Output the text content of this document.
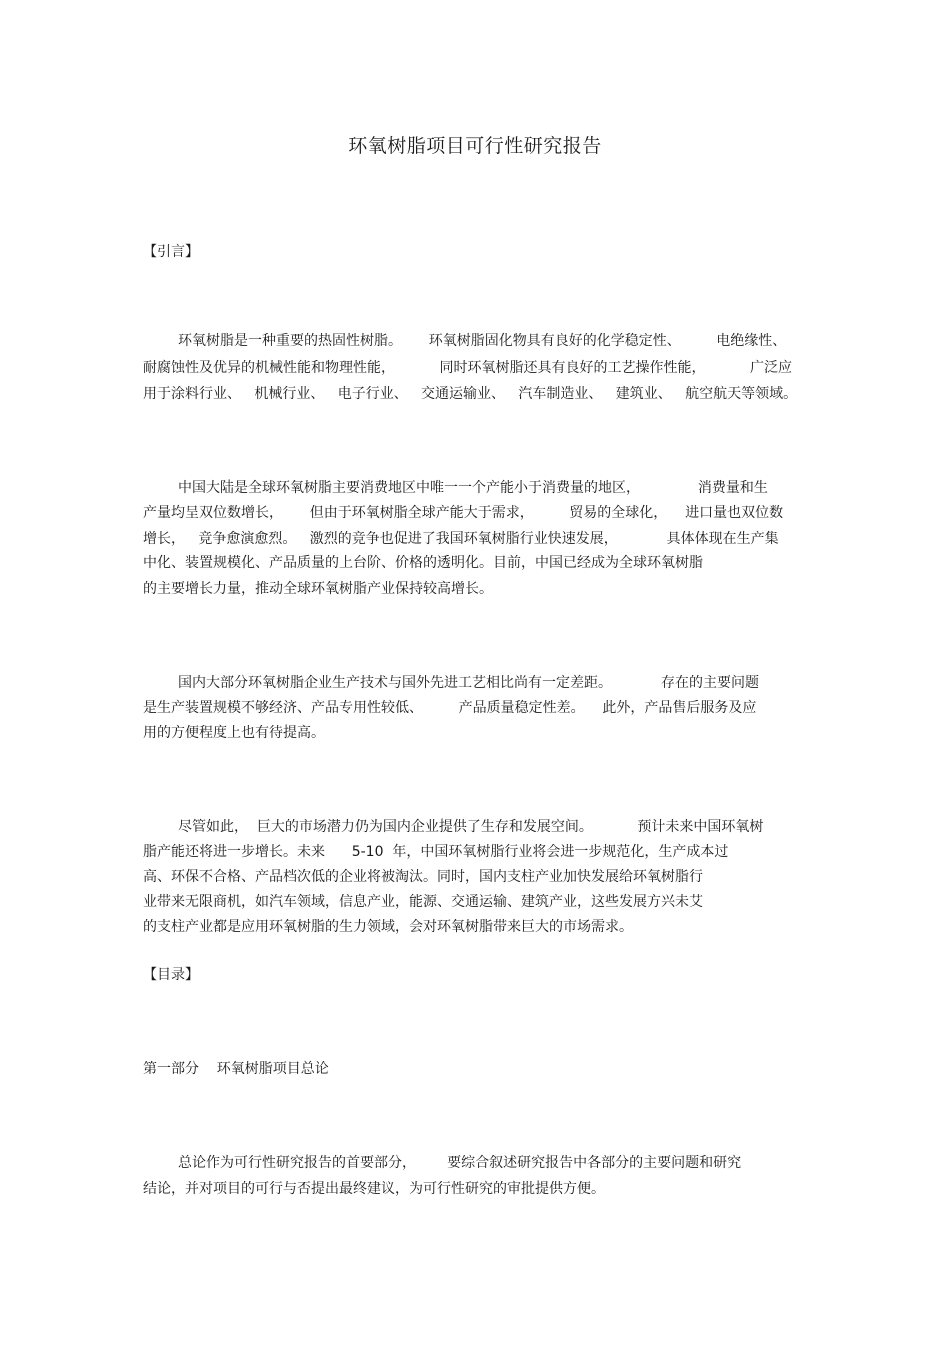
环氧树脂项目可行性研究报告
【引言】
环氧树脂是一种重要的热固性树脂。      环氧树脂固化物具有良好的化学稳定性、        电绝缘性、
耐腐蚀性及优异的机械性能和物理性能，          同时环氧树脂还具有良好的工艺操作性能，          广泛应
用于涂料行业、   机械行业、   电子行业、   交通运输业、   汽车制造业、   建筑业、   航空航天等领域。
中国大陆是全球环氧树脂主要消费地区中唯一一个产能小于消费量的地区，             消费量和生
产量均呈双位数增长，      但由于环氧树脂全球产能大于需求，        贸易的全球化，    进口量也双位数
增长，   竞争愈演愈烈。   激烈的竞争也促进了我国环氧树脂行业快速发展，           具体体现在生产集
中化、装置规模化、产品质量的上台阶、价格的透明化。目前，中国已经成为全球环氧树脂
的主要增长力量，推动全球环氧树脂产业保持较高增长。
国内大部分环氧树脂企业生产技术与国外先进工艺相比尚有一定差距。           存在的主要问题
是生产装置规模不够经济、产品专用性较低、        产品质量稳定性差。    此外，产品售后服务及应
用的方便程度上也有待提高。
尽管如此，  巨大的市场潜力仍为国内企业提供了生存和发展空间。          预计未来中国环氧树
脂产能还将进一步增长。未来      5-10  年，中国环氧树脂行业将会进一步规范化，生产成本过
高、环保不合格、产品档次低的企业将被淘汰。同时，国内支柱产业加快发展给环氧树脂行
业带来无限商机，如汽车领域，信息产业，能源、交通运输、建筑产业，这些发展方兴未艾
的支柱产业都是应用环氧树脂的生力领域，会对环氧树脂带来巨大的市场需求。
【目录】
第一部分    环氧树脂项目总论
总论作为可行性研究报告的首要部分，       要综合叙述研究报告中各部分的主要问题和研究
结论，并对项目的可行与否提出最终建议，为可行性研究的审批提供方便。
